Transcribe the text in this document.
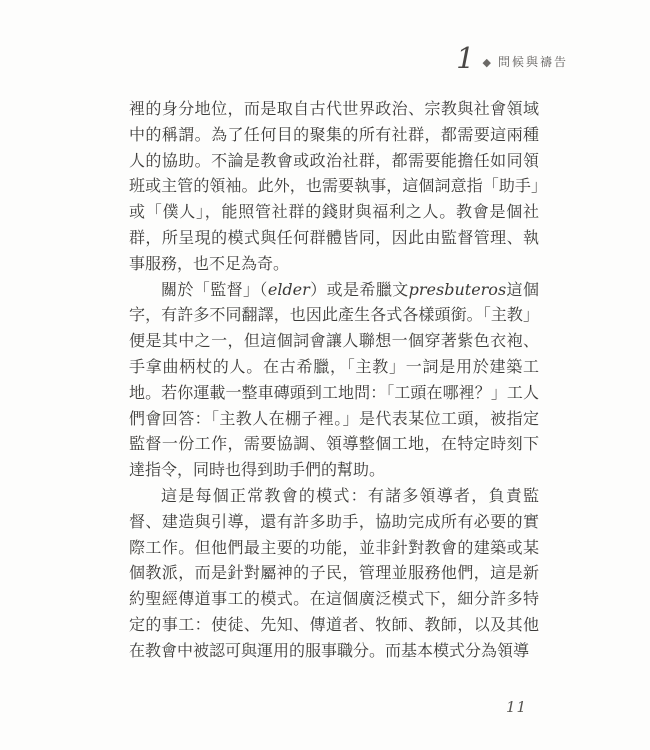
1 ◆ 問候與禱告

裡的身分地位，而是取自古代世界政治、宗教與社會領域中的稱謂。為了任何目的聚集的所有社群，都需要這兩種人的協助。不論是教會或政治社群，都需要能擔任如同領班或主管的領袖。此外，也需要執事，這個詞意指「助手」或「僕人」，能照管社群的錢財與福利之人。教會是個社群，所呈現的模式與任何群體皆同，因此由監督管理、執事服務，也不足為奇。

關於「監督」（elder）或是希臘文presbuteros這個字，有許多不同翻譯，也因此產生各式各樣頭銜。「主教」便是其中之一，但這個詞會讓人聯想一個穿著紫色衣袍、手拿曲柄杖的人。在古希臘，「主教」一詞是用於建築工地。若你運載一整車磚頭到工地問：「工頭在哪裡？」工人們會回答：「主教人在棚子裡。」是代表某位工頭，被指定監督一份工作，需要協調、領導整個工地，在特定時刻下達指令，同時也得到助手們的幫助。

這是每個正常教會的模式：有諸多領導者，負責監督、建造與引導，還有許多助手，協助完成所有必要的實際工作。但他們最主要的功能，並非針對教會的建築或某個教派，而是針對屬神的子民，管理並服務他們，這是新約聖經傳道事工的模式。在這個廣泛模式下，細分許多特定的事工：使徒、先知、傳道者、牧師、教師，以及其他在教會中被認可與運用的服事職分。而基本模式分為領導

11
